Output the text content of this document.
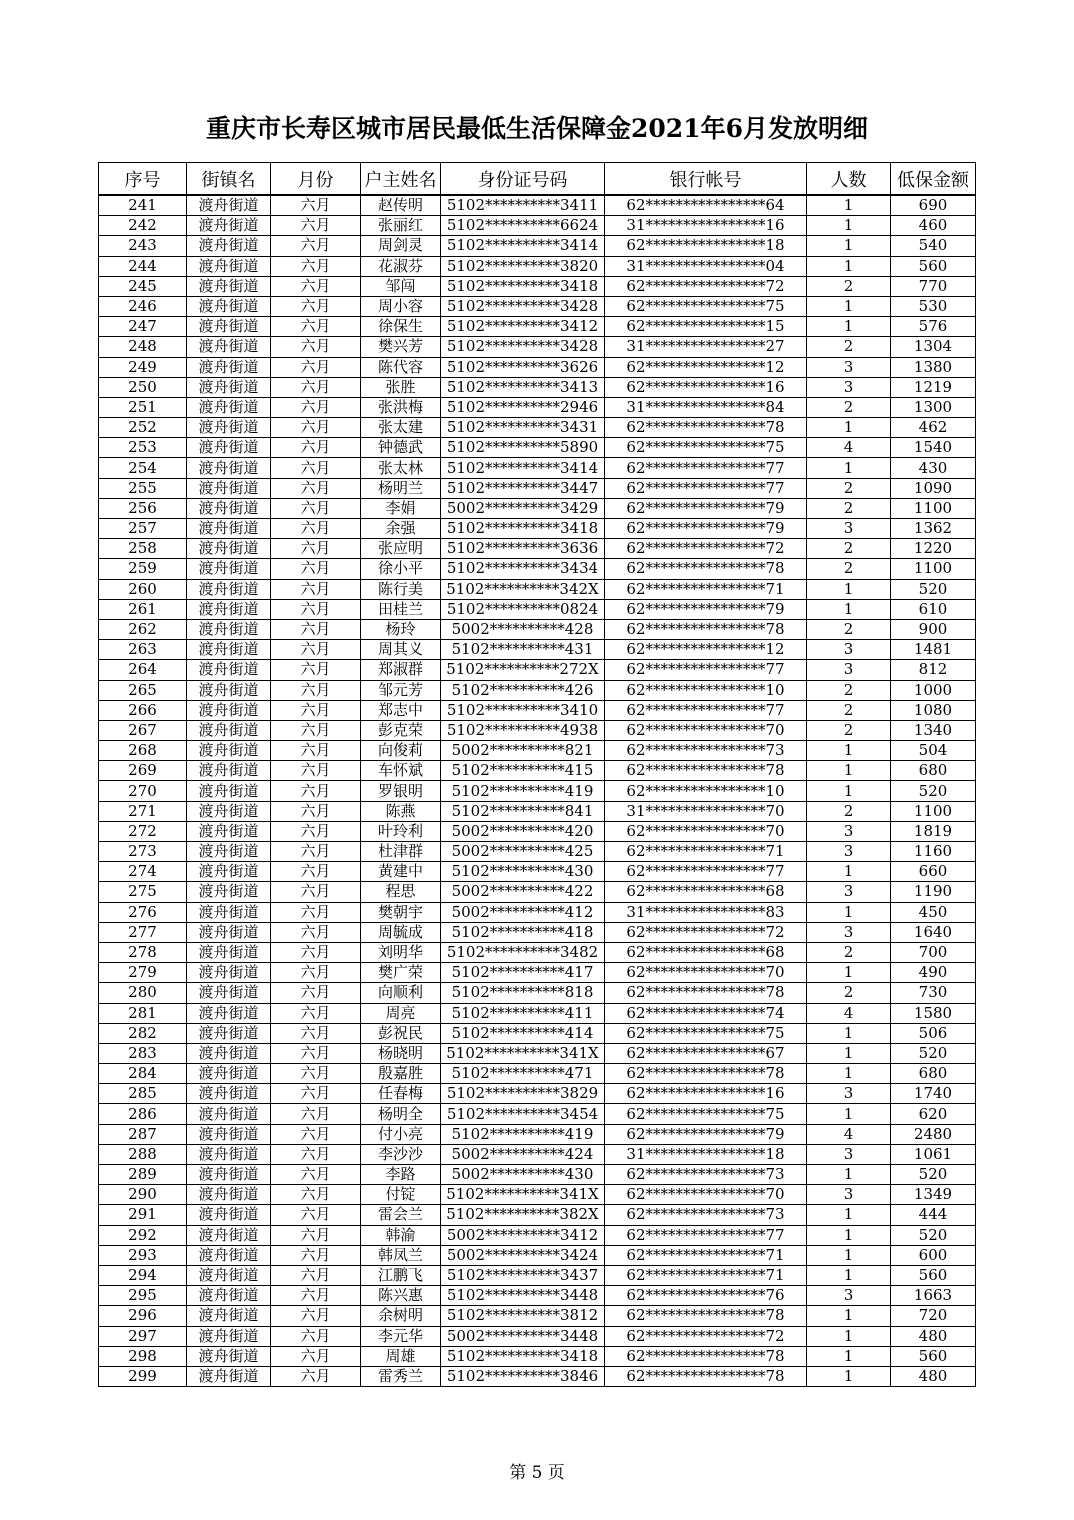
重庆市长寿区城市居民最低生活保障金2021年6月发放明细
序号	街镇名	月份	户主姓名	身份证号码	银行帐号	人数	低保金额
241	渡舟街道	六月	赵传明	5102**********3411	62****************64	1	690
242	渡舟街道	六月	张丽红	5102**********6624	31****************16	1	460
243	渡舟街道	六月	周剑灵	5102**********3414	62****************18	1	540
244	渡舟街道	六月	花淑芬	5102**********3820	31****************04	1	560
245	渡舟街道	六月	邹闯	5102**********3418	62****************72	2	770
246	渡舟街道	六月	周小容	5102**********3428	62****************75	1	530
247	渡舟街道	六月	徐保生	5102**********3412	62****************15	1	576
248	渡舟街道	六月	樊兴芳	5102**********3428	31****************27	2	1304
249	渡舟街道	六月	陈代容	5102**********3626	62****************12	3	1380
250	渡舟街道	六月	张胜	5102**********3413	62****************16	3	1219
251	渡舟街道	六月	张洪梅	5102**********2946	31****************84	2	1300
252	渡舟街道	六月	张太建	5102**********3431	62****************78	1	462
253	渡舟街道	六月	钟德武	5102**********5890	62****************75	4	1540
254	渡舟街道	六月	张太林	5102**********3414	62****************77	1	430
255	渡舟街道	六月	杨明兰	5102**********3447	62****************77	2	1090
256	渡舟街道	六月	李娟	5002**********3429	62****************79	2	1100
257	渡舟街道	六月	余强	5102**********3418	62****************79	3	1362
258	渡舟街道	六月	张应明	5102**********3636	62****************72	2	1220
259	渡舟街道	六月	徐小平	5102**********3434	62****************78	2	1100
260	渡舟街道	六月	陈行美	5102**********342X	62****************71	1	520
261	渡舟街道	六月	田桂兰	5102**********0824	62****************79	1	610
262	渡舟街道	六月	杨玲	5002**********428	62****************78	2	900
263	渡舟街道	六月	周其义	5102**********431	62****************12	3	1481
264	渡舟街道	六月	郑淑群	5102**********272X	62****************77	3	812
265	渡舟街道	六月	邹元芳	5102**********426	62****************10	2	1000
266	渡舟街道	六月	郑志中	5102**********3410	62****************77	2	1080
267	渡舟街道	六月	彭克荣	5102**********4938	62****************70	2	1340
268	渡舟街道	六月	向俊莉	5002**********821	62****************73	1	504
269	渡舟街道	六月	车怀斌	5102**********415	62****************78	1	680
270	渡舟街道	六月	罗银明	5102**********419	62****************10	1	520
271	渡舟街道	六月	陈燕	5102**********841	31****************70	2	1100
272	渡舟街道	六月	叶玲利	5002**********420	62****************70	3	1819
273	渡舟街道	六月	杜津群	5002**********425	62****************71	3	1160
274	渡舟街道	六月	黄建中	5102**********430	62****************77	1	660
275	渡舟街道	六月	程思	5002**********422	62****************68	3	1190
276	渡舟街道	六月	樊朝宇	5002**********412	31****************83	1	450
277	渡舟街道	六月	周毓成	5102**********418	62****************72	3	1640
278	渡舟街道	六月	刘明华	5102**********3482	62****************68	2	700
279	渡舟街道	六月	樊广荣	5102**********417	62****************70	1	490
280	渡舟街道	六月	向顺利	5102**********818	62****************78	2	730
281	渡舟街道	六月	周亮	5102**********411	62****************74	4	1580
282	渡舟街道	六月	彭祝民	5102**********414	62****************75	1	506
283	渡舟街道	六月	杨晓明	5102**********341X	62****************67	1	520
284	渡舟街道	六月	殷嘉胜	5102**********471	62****************78	1	680
285	渡舟街道	六月	任春梅	5102**********3829	62****************16	3	1740
286	渡舟街道	六月	杨明全	5102**********3454	62****************75	1	620
287	渡舟街道	六月	付小亮	5102**********419	62****************79	4	2480
288	渡舟街道	六月	李沙沙	5002**********424	31****************18	3	1061
289	渡舟街道	六月	李路	5002**********430	62****************73	1	520
290	渡舟街道	六月	付锭	5102**********341X	62****************70	3	1349
291	渡舟街道	六月	雷会兰	5102**********382X	62****************73	1	444
292	渡舟街道	六月	韩渝	5002**********3412	62****************77	1	520
293	渡舟街道	六月	韩凤兰	5002**********3424	62****************71	1	600
294	渡舟街道	六月	江鹏飞	5102**********3437	62****************71	1	560
295	渡舟街道	六月	陈兴惠	5102**********3448	62****************76	3	1663
296	渡舟街道	六月	余树明	5102**********3812	62****************78	1	720
297	渡舟街道	六月	李元华	5002**********3448	62****************72	1	480
298	渡舟街道	六月	周雄	5102**********3418	62****************78	1	560
299	渡舟街道	六月	雷秀兰	5102**********3846	62****************78	1	480
第 5 页
